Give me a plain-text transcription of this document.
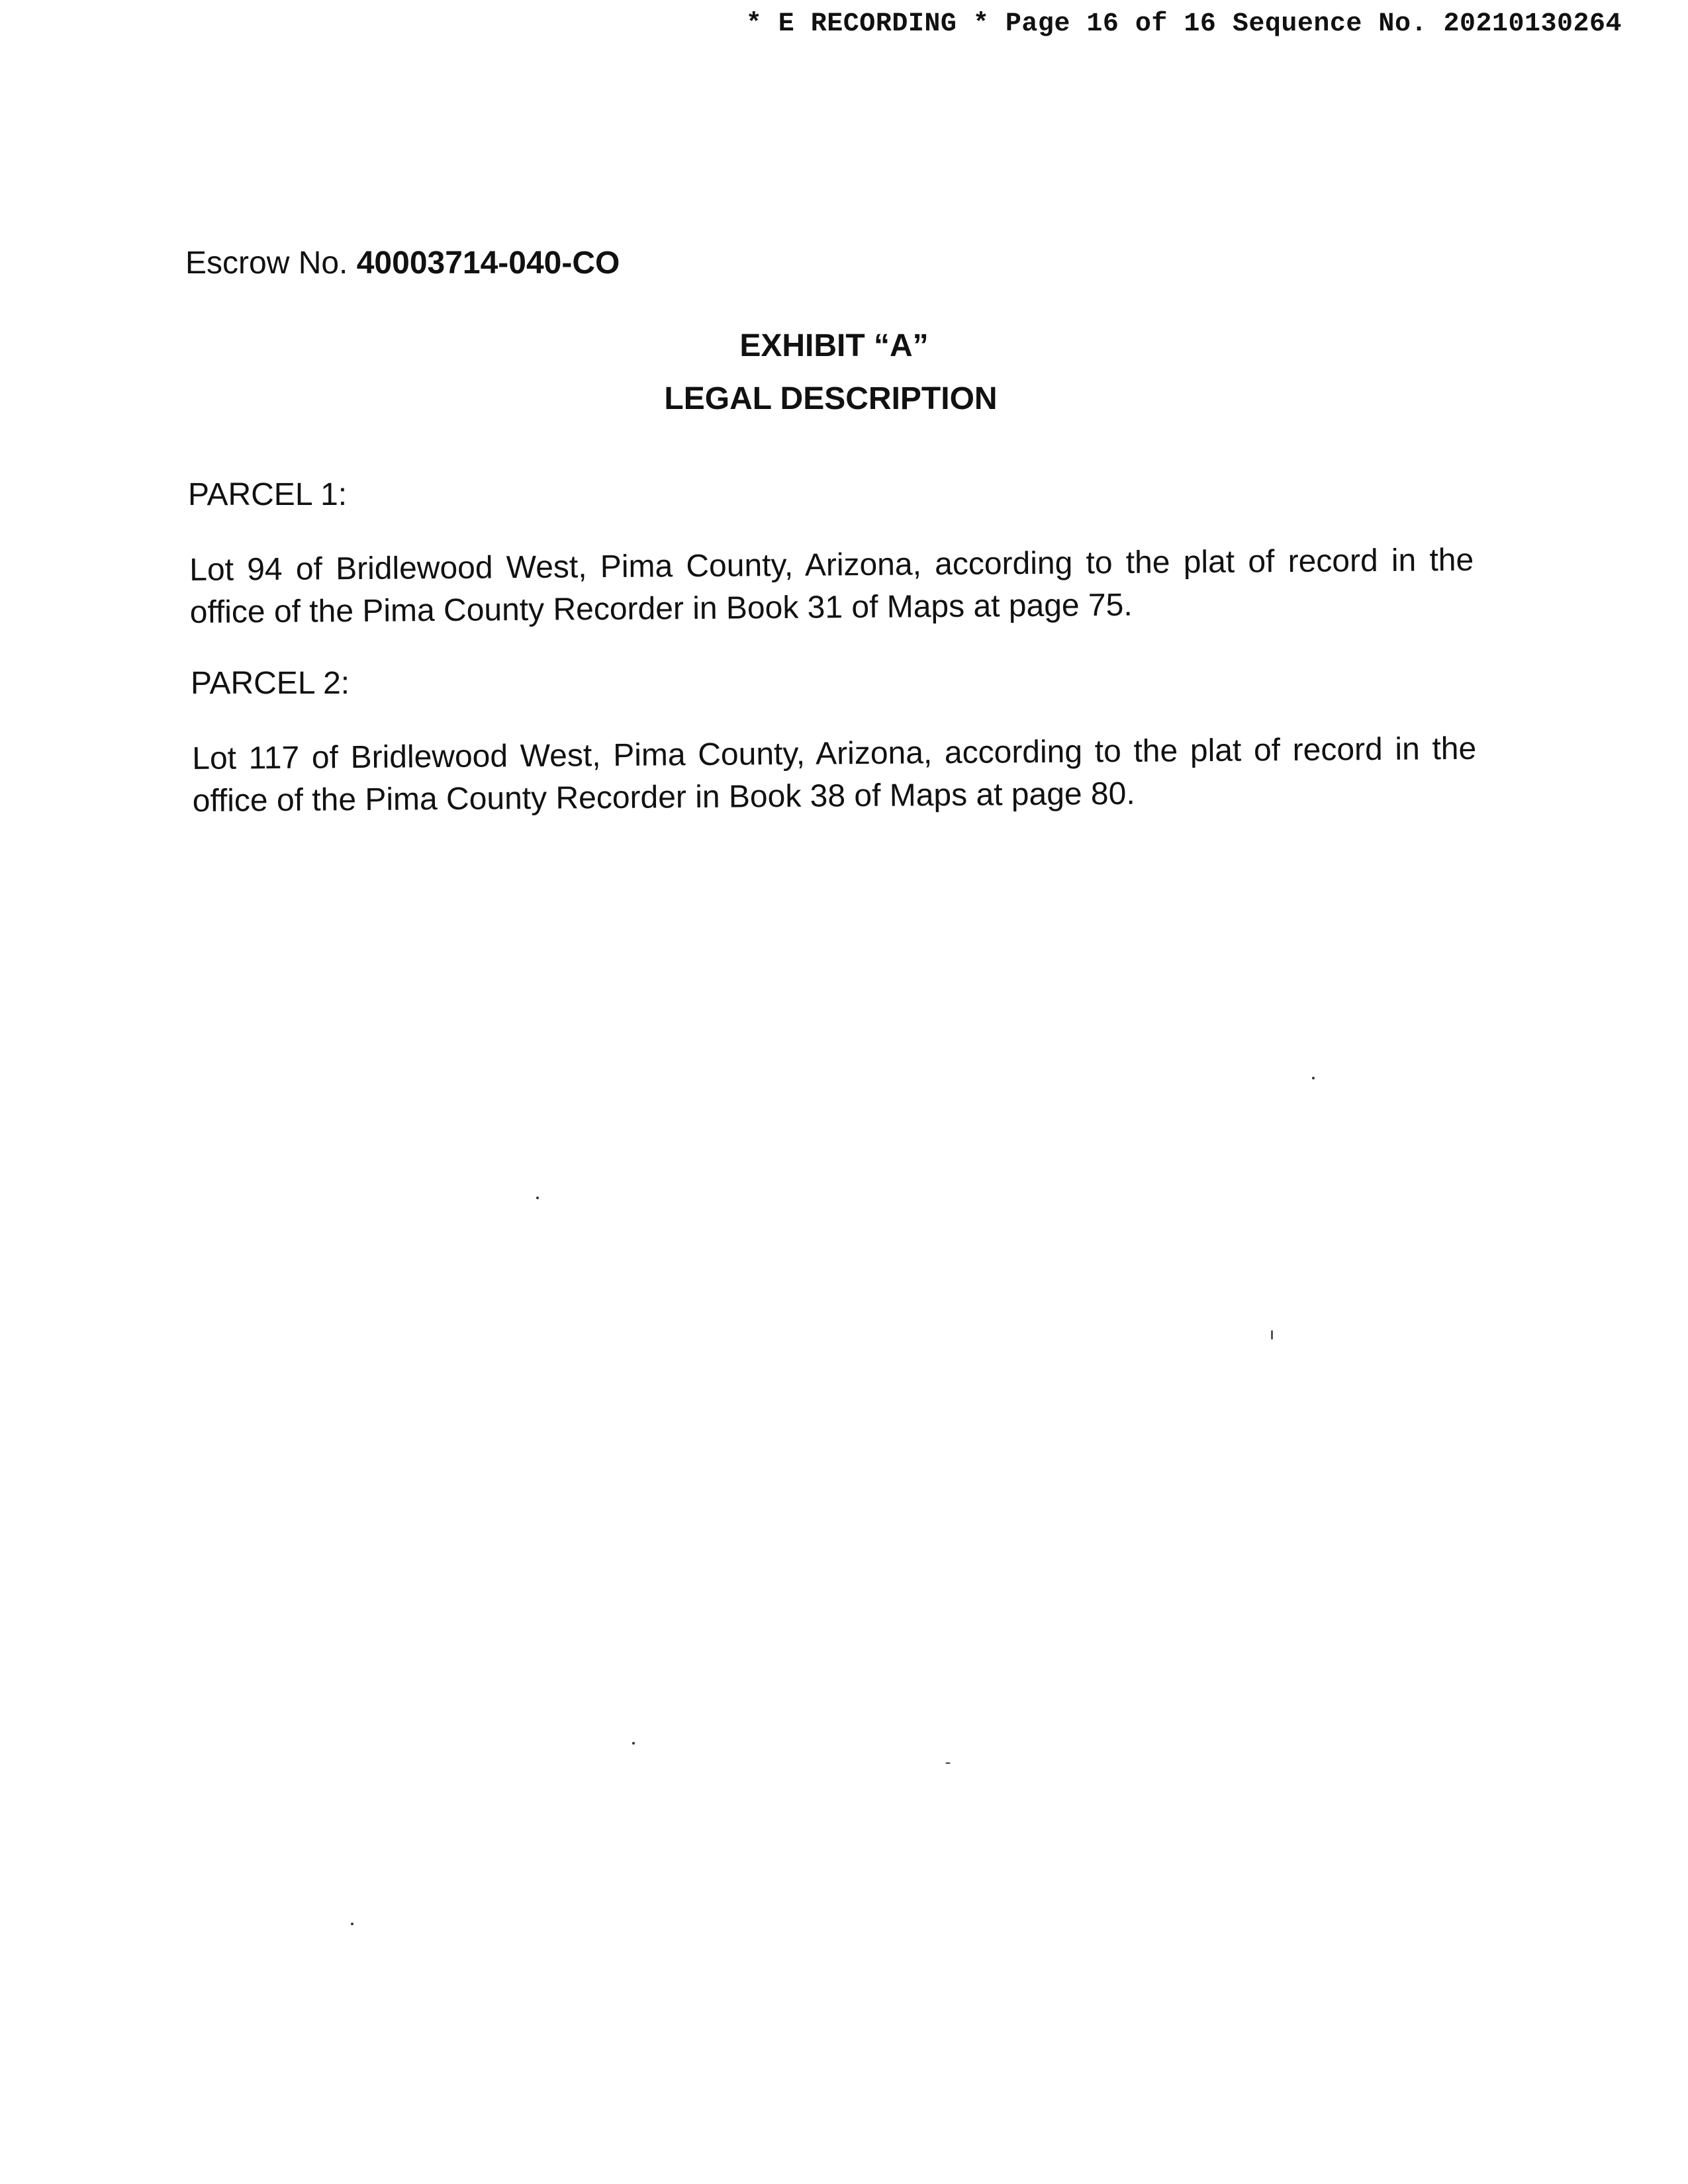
* E RECORDING * Page 16 of 16 Sequence No. 20210130264
Escrow No. 40003714-040-CO
EXHIBIT “A”
LEGAL DESCRIPTION
PARCEL 1:
Lot 94 of Bridlewood West, Pima County, Arizona, according to the plat of record in the office of the Pima County Recorder in Book 31 of Maps at page 75.
PARCEL 2:
Lot 117 of Bridlewood West, Pima County, Arizona, according to the plat of record in the office of the Pima County Recorder in Book 38 of Maps at page 80.
